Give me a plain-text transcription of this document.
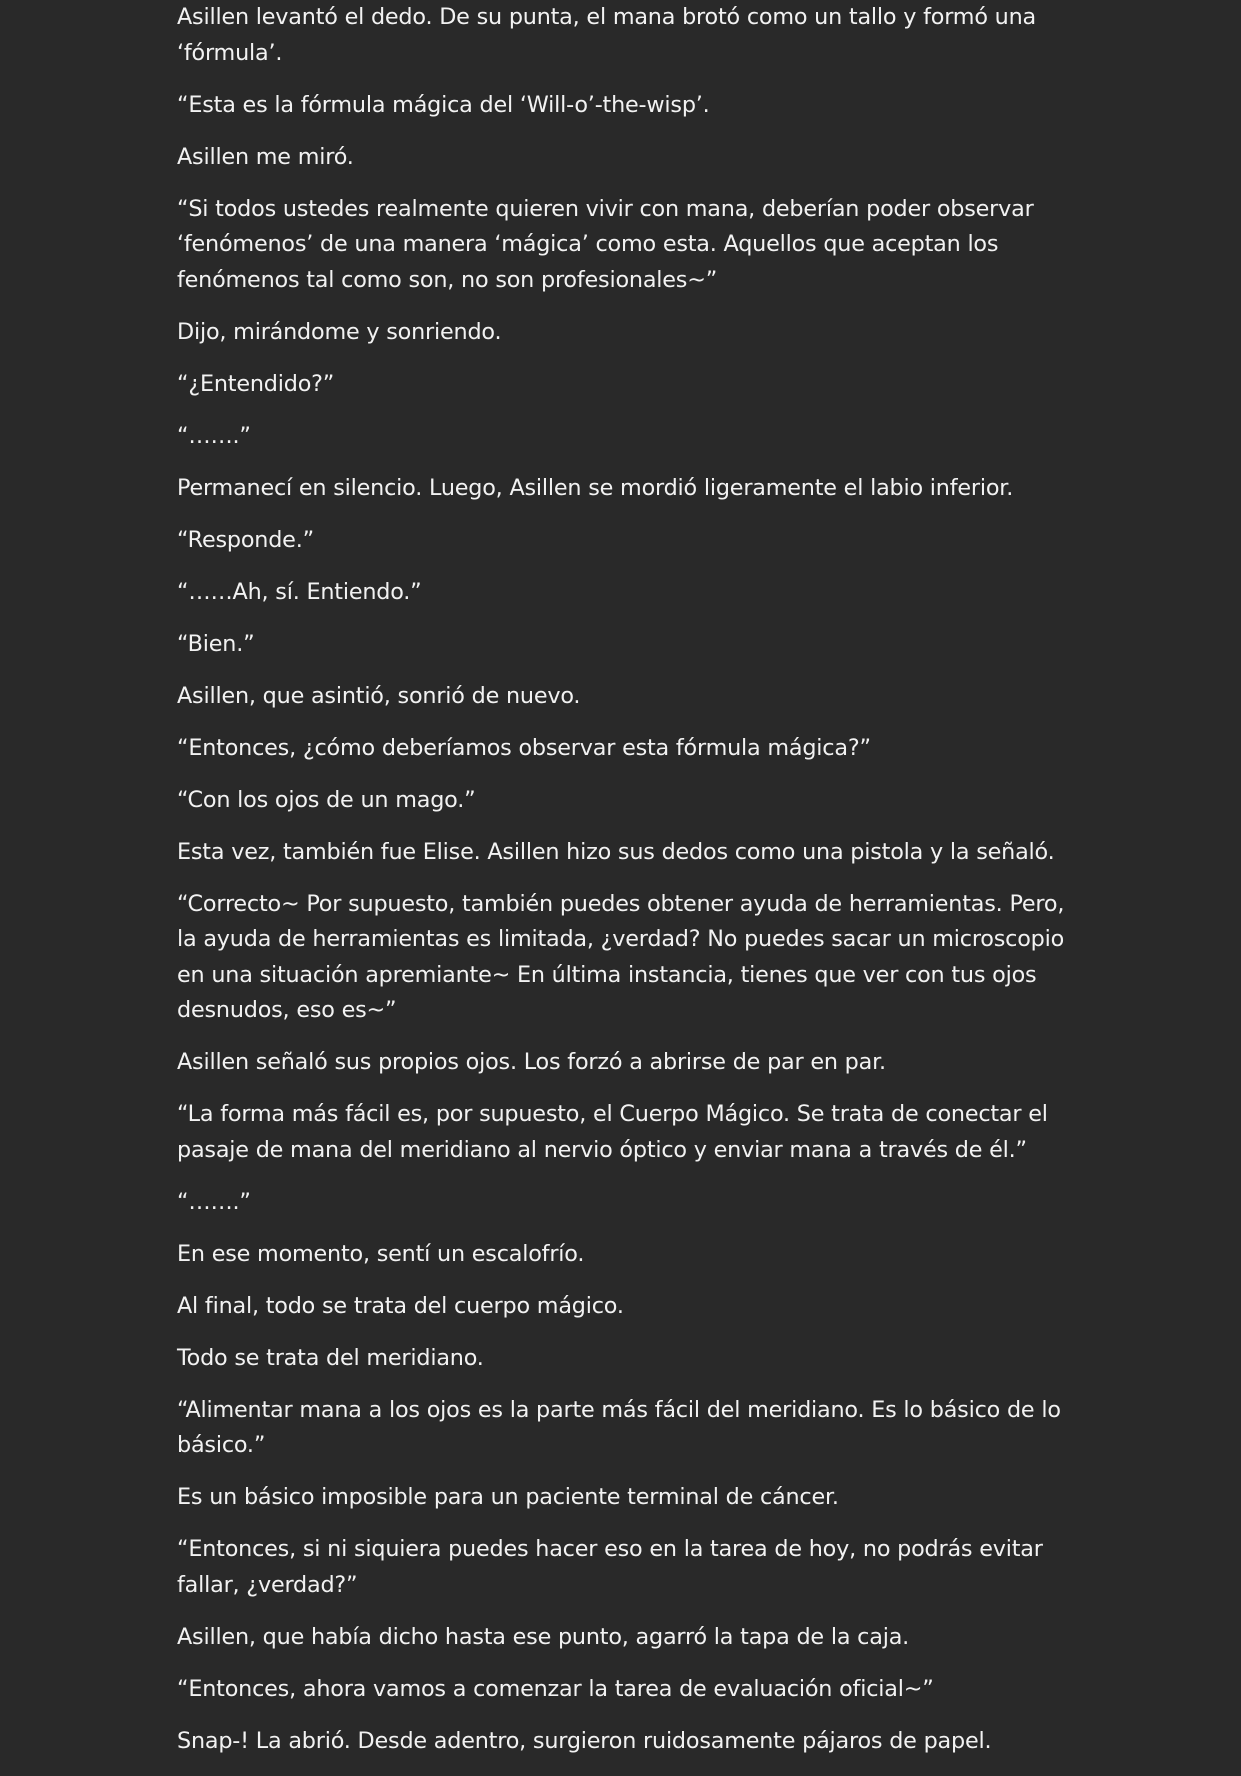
Asillen levantó el dedo. De su punta, el mana brotó como un tallo y formó una ‘fórmula’.

“Esta es la fórmula mágica del ‘Will-o’-the-wisp’.

Asillen me miró.

“Si todos ustedes realmente quieren vivir con mana, deberían poder observar ‘fenómenos’ de una manera ‘mágica’ como esta. Aquellos que aceptan los fenómenos tal como son, no son profesionales~”

Dijo, mirándome y sonriendo.

“¿Entendido?”

“…….”

Permanecí en silencio. Luego, Asillen se mordió ligeramente el labio inferior.

“Responde.”

“……Ah, sí. Entiendo.”

“Bien.”

Asillen, que asintió, sonrió de nuevo.

“Entonces, ¿cómo deberíamos observar esta fórmula mágica?”

“Con los ojos de un mago.”

Esta vez, también fue Elise. Asillen hizo sus dedos como una pistola y la señaló.

“Correcto~ Por supuesto, también puedes obtener ayuda de herramientas. Pero, la ayuda de herramientas es limitada, ¿verdad? No puedes sacar un microscopio en una situación apremiante~ En última instancia, tienes que ver con tus ojos desnudos, eso es~”

Asillen señaló sus propios ojos. Los forzó a abrirse de par en par.

“La forma más fácil es, por supuesto, el Cuerpo Mágico. Se trata de conectar el pasaje de mana del meridiano al nervio óptico y enviar mana a través de él.”

“…….”

En ese momento, sentí un escalofrío.

Al final, todo se trata del cuerpo mágico.

Todo se trata del meridiano.

“Alimentar mana a los ojos es la parte más fácil del meridiano. Es lo básico de lo básico.”

Es un básico imposible para un paciente terminal de cáncer.

“Entonces, si ni siquiera puedes hacer eso en la tarea de hoy, no podrás evitar fallar, ¿verdad?”

Asillen, que había dicho hasta ese punto, agarró la tapa de la caja.

“Entonces, ahora vamos a comenzar la tarea de evaluación oficial~”

Snap-! La abrió. Desde adentro, surgieron ruidosamente pájaros de papel.
